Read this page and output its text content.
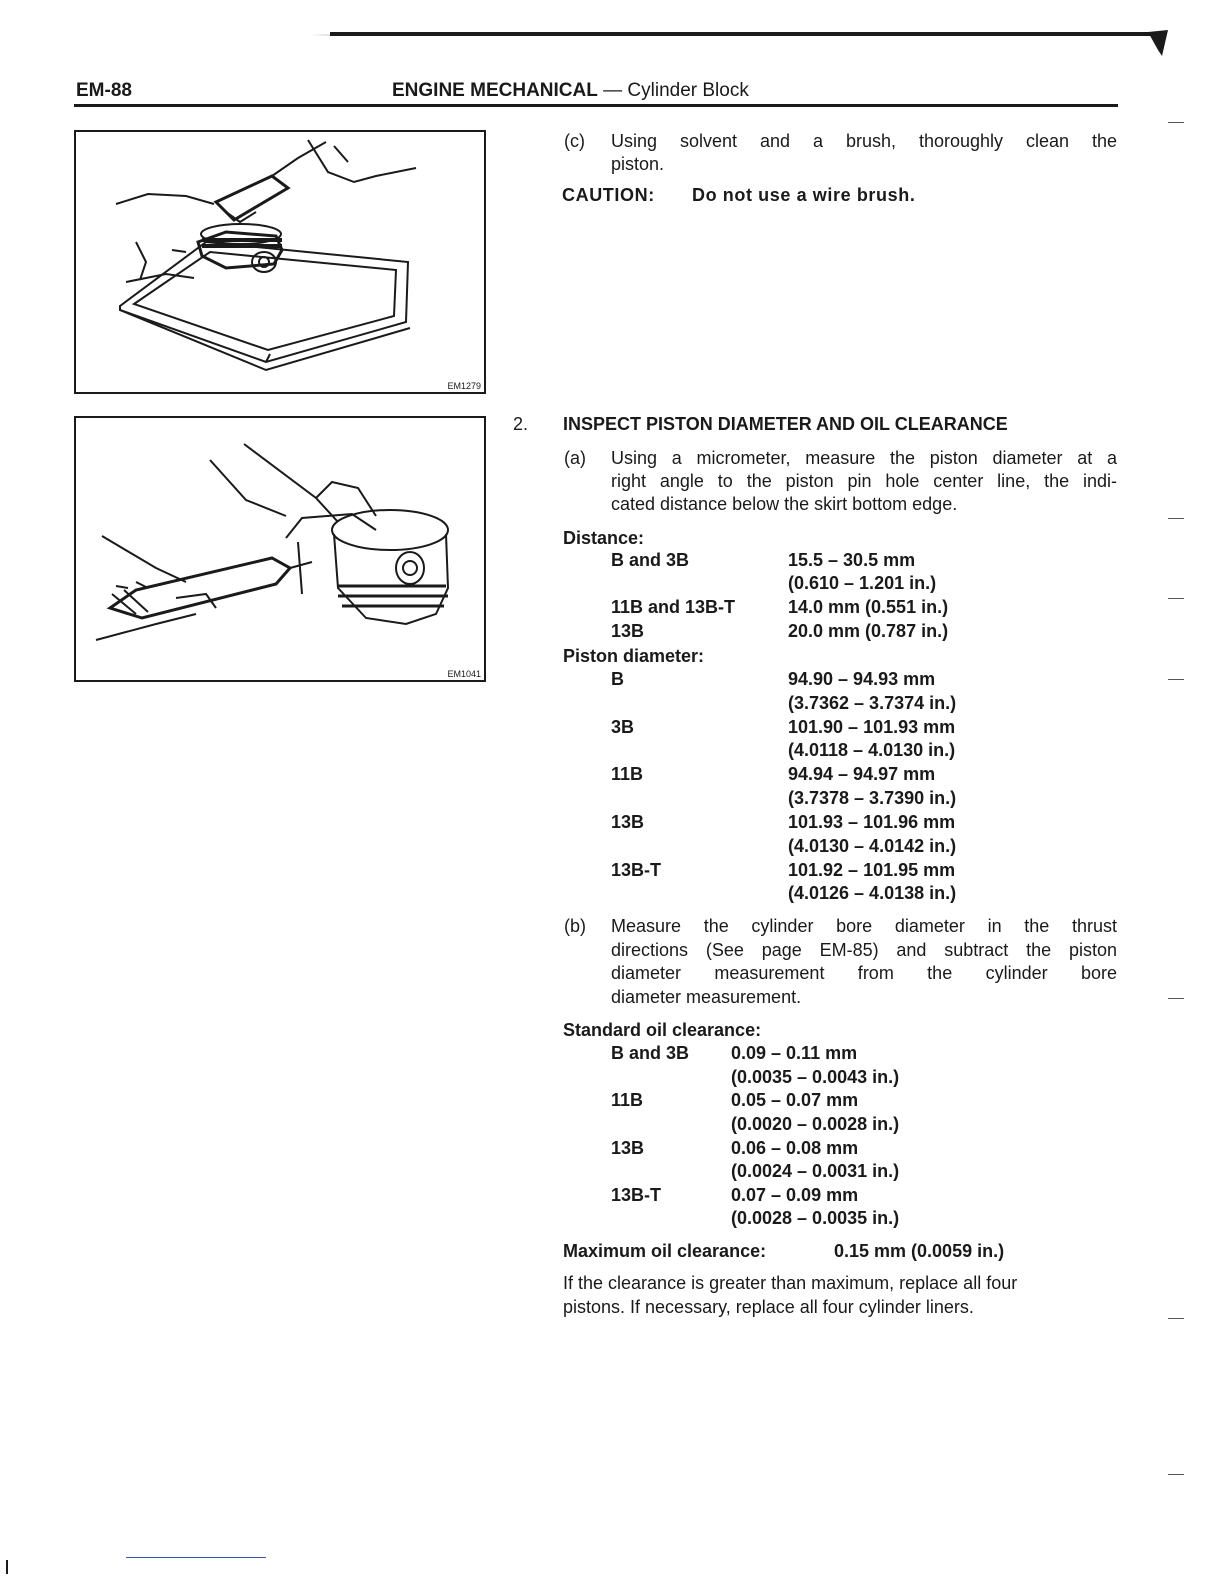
EM-88	ENGINE MECHANICAL — Cylinder Block
EM1279
EM1041
(c) Using solvent and a brush, thoroughly clean the
piston.
CAUTION: Do not use a wire brush.
2. INSPECT PISTON DIAMETER AND OIL CLEARANCE
(a) Using a micrometer, measure the piston diameter at a
right angle to the piston pin hole center line, the indi-
cated distance below the skirt bottom edge.
Distance:
B and 3B	15.5 – 30.5 mm
(0.610 – 1.201 in.)
11B and 13B-T	14.0 mm (0.551 in.)
13B	20.0 mm (0.787 in.)
Piston diameter:
B	94.90 – 94.93 mm
(3.7362 – 3.7374 in.)
3B	101.90 – 101.93 mm
(4.0118 – 4.0130 in.)
11B	94.94 – 94.97 mm
(3.7378 – 3.7390 in.)
13B	101.93 – 101.96 mm
(4.0130 – 4.0142 in.)
13B-T	101.92 – 101.95 mm
(4.0126 – 4.0138 in.)
(b) Measure the cylinder bore diameter in the thrust
directions (See page EM-85) and subtract the piston
diameter measurement from the cylinder bore
diameter measurement.
Standard oil clearance:
B and 3B 0.09 – 0.11 mm
(0.0035 – 0.0043 in.)
11B	0.05 – 0.07 mm
(0.0020 – 0.0028 in.)
13B	0.06 – 0.08 mm
(0.0024 – 0.0031 in.)
13B-T	0.07 – 0.09 mm
(0.0028 – 0.0035 in.)
Maximum oil clearance:	0.15 mm (0.0059 in.)
If the clearance is greater than maximum, replace all four
pistons. If necessary, replace all four cylinder liners.
